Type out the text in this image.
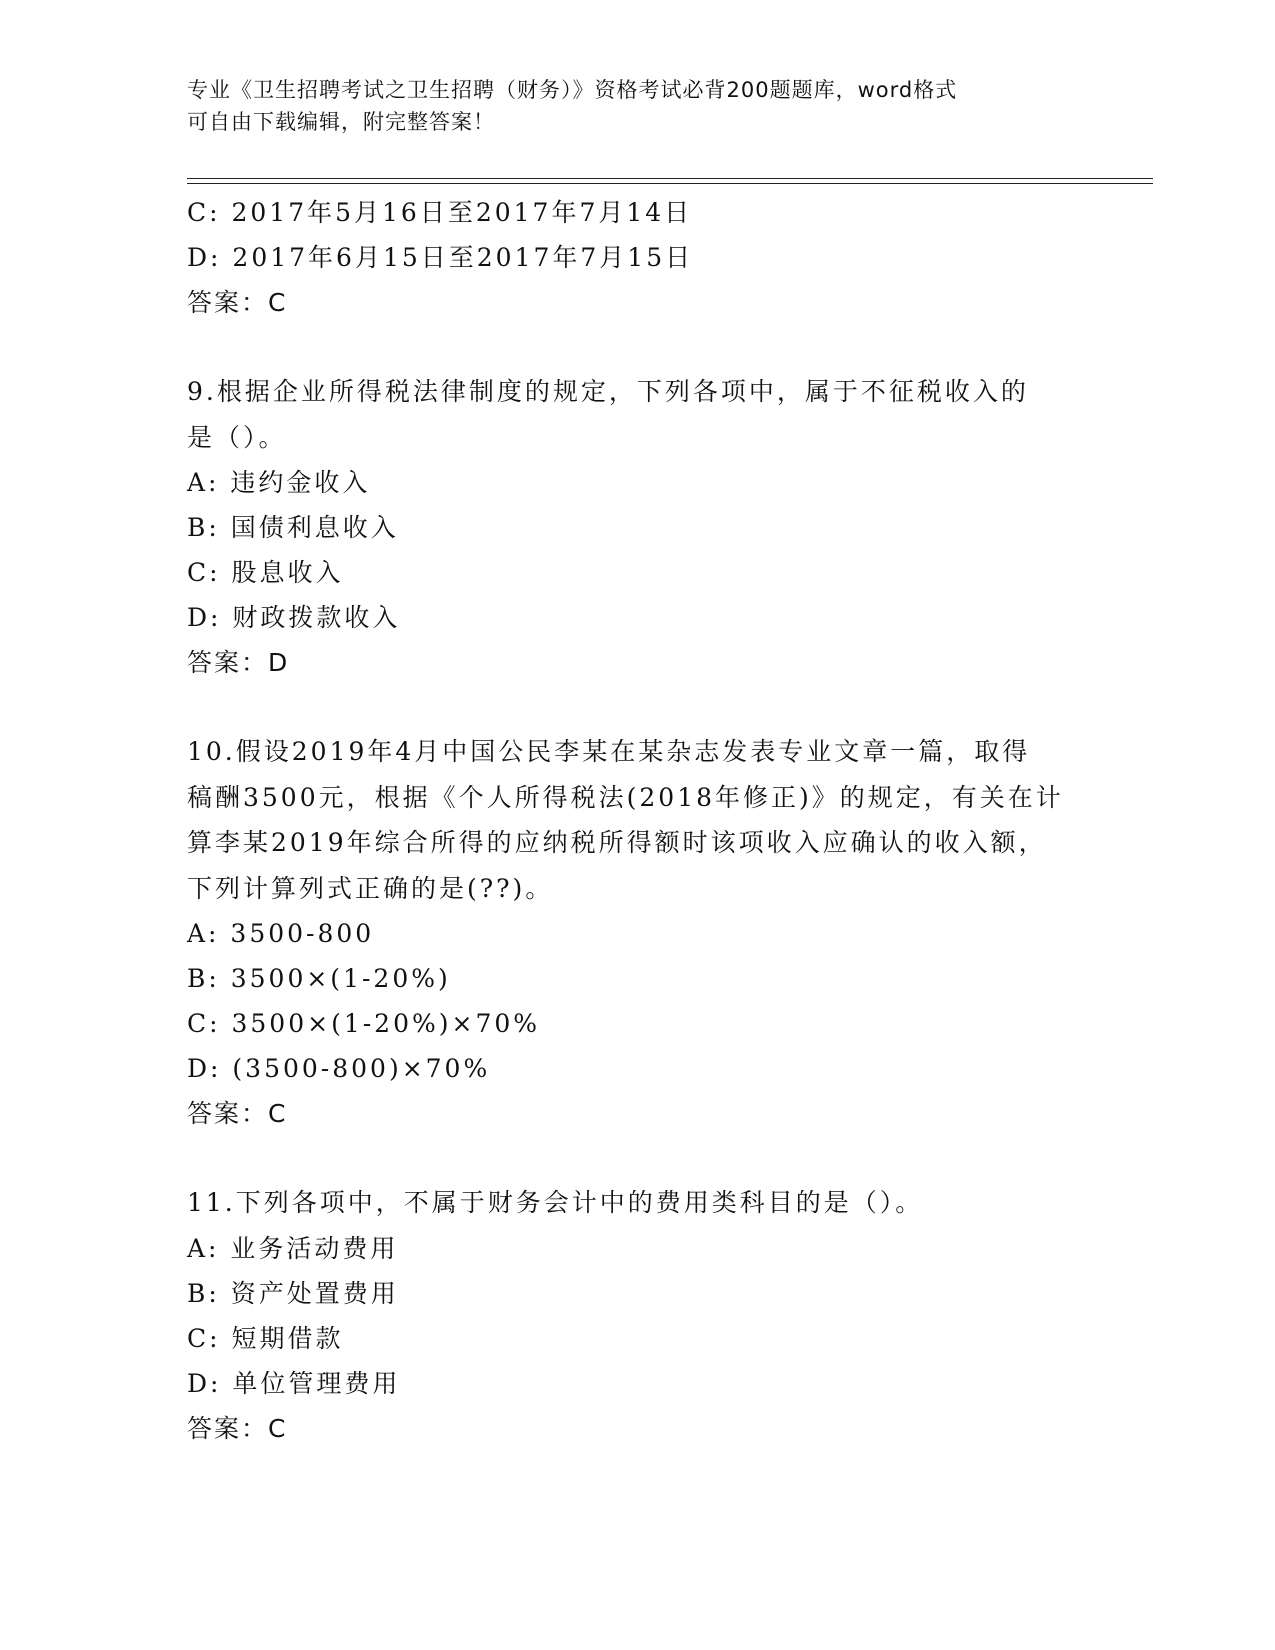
专业《卫生招聘考试之卫生招聘（财务）》资格考试必背200题题库，word格式
可自由下载编辑，附完整答案！
C: 2017年5月16日至2017年7月14日
D: 2017年6月15日至2017年7月15日
答案：C
9.根据企业所得税法律制度的规定，下列各项中，属于不征税收入的
是（）。
A: 违约金收入
B: 国债利息收入
C: 股息收入
D: 财政拨款收入
答案：D
10.假设2019年4月中国公民李某在某杂志发表专业文章一篇，取得
稿酬3500元，根据《个人所得税法(2018年修正)》的规定，有关在计
算李某2019年综合所得的应纳税所得额时该项收入应确认的收入额，
下列计算列式正确的是(??)。
A: 3500-800
B: 3500×(1-20%)
C: 3500×(1-20%)×70%
D: (3500-800)×70%
答案：C
11.下列各项中，不属于财务会计中的费用类科目的是（）。
A: 业务活动费用
B: 资产处置费用
C: 短期借款
D: 单位管理费用
答案：C
